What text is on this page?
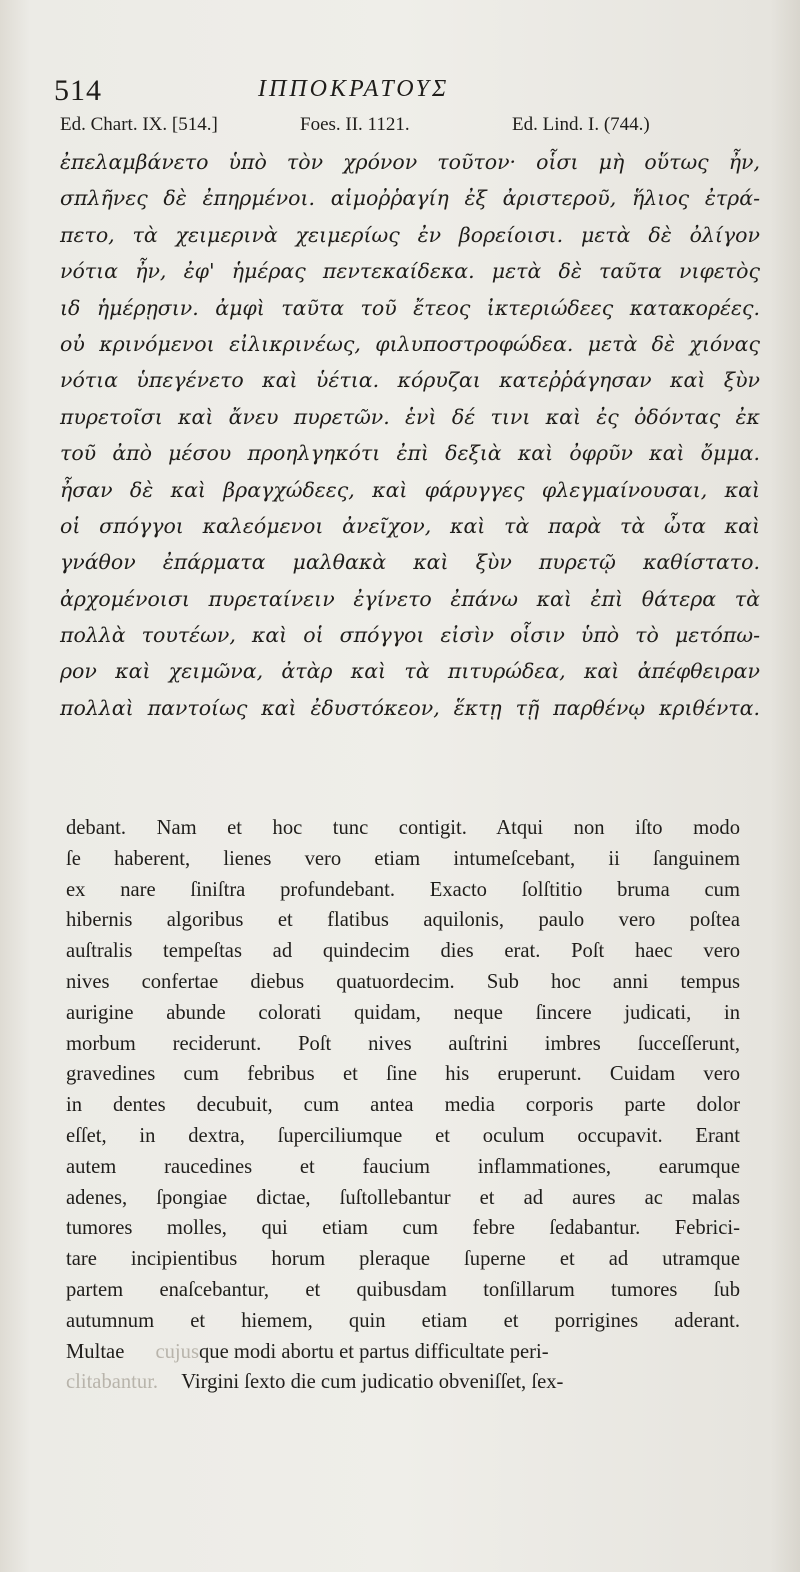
514	ΙΠΠΟΚΡΑΤΟΥΣ
Ed. Chart. IX. [514.]	Foes. II. 1121.	Ed. Lind. I. (744.)
ἐπελαμβάνετο ὑπὸ τὸν χρόνον τοῦτον· οἷσι μὴ οὕτως ἦν,
σπλῆνες δὲ ἐπηρμένοι. αἱμοῤῥαγίη ἐξ ἀριστεροῦ, ἥλιος ἐτρά-
πετο, τὰ χειμερινὰ χειμερίως ἐν βορείοισι. μετὰ δὲ ὀλίγον
νότια ἦν, ἐφ' ἡμέρας πεντεκαίδεκα. μετὰ δὲ ταῦτα νιφετὸς
ιδ ἡμέρῃσιν. ἀμφὶ ταῦτα τοῦ ἔτεος ἰκτεριώδεες κατακορέες.
οὐ κρινόμενοι εἰλικρινέως, φιλυποστροφώδεα. μετὰ δὲ χιόνας
νότια ὑπεγένετο καὶ ὑέτια. κόρυζαι κατεῤῥάγησαν καὶ ξὺν
πυρετοῖσι καὶ ἄνευ πυρετῶν. ἑνὶ δέ τινι καὶ ἐς ὀδόντας ἐκ
τοῦ ἀπὸ μέσου προηλγηκότι ἐπὶ δεξιὰ καὶ ὀφρῦν καὶ ὄμμα.
ἦσαν δὲ καὶ βραγχώδεες, καὶ φάρυγγες φλεγμαίνουσαι, καὶ
οἱ σπόγγοι καλεόμενοι ἀνεῖχον, καὶ τὰ παρὰ τὰ ὦτα καὶ
γνάθον ἐπάρματα μαλθακὰ καὶ ξὺν πυρετῷ καθίστατο.
ἀρχομένοισι πυρεταίνειν ἐγίνετο ἐπάνω καὶ ἐπὶ θάτερα τὰ
πολλὰ τουτέων, καὶ οἱ σπόγγοι εἰσὶν οἷσιν ὑπὸ τὸ μετόπω-
ρον καὶ χειμῶνα, ἀτὰρ καὶ τὰ πιτυρώδεα, καὶ ἀπέφθειραν
πολλαὶ παντοίως καὶ ἐδυστόκεον, ἕκτῃ τῇ παρθένῳ κριθέντα.
debant. Nam et hoc tunc contigit. Atqui non iſto modo
ſe haberent, lienes vero etiam intumeſcebant, ii ſanguinem
ex nare ſiniſtra profundebant. Exacto ſolſtitio bruma cum
hibernis algoribus et flatibus aquilonis, paulo vero poſtea
auſtralis tempeſtas ad quindecim dies erat. Poſt haec vero
nives confertae diebus quatuordecim. Sub hoc anni tempus
aurigine abunde colorati quidam, neque ſincere judicati, in
morbum reciderunt. Poſt nives auſtrini imbres ſucceſſerunt,
gravedines cum febribus et ſine his eruperunt. Cuidam vero
in dentes decubuit, cum antea media corporis parte dolor
eſſet, in dextra, ſuperciliumque et oculum occupavit. Erant
autem raucedines et faucium inflammationes, earumque
adenes, ſpongiae dictae, ſuſtollebantur et ad aures ac malas
tumores molles, qui etiam cum febre ſedabantur. Febrici-
tare incipientibus horum pleraque ſuperne et ad utramque
partem enaſcebantur, et quibusdam tonſillarum tumores ſub
autumnum et hiemem, quin etiam et porrigines aderant.
Multae cujusque modi abortu et partus difficultate peri-
clitabantur. Virgini ſexto die cum judicatio obveniſſet, ſex-
